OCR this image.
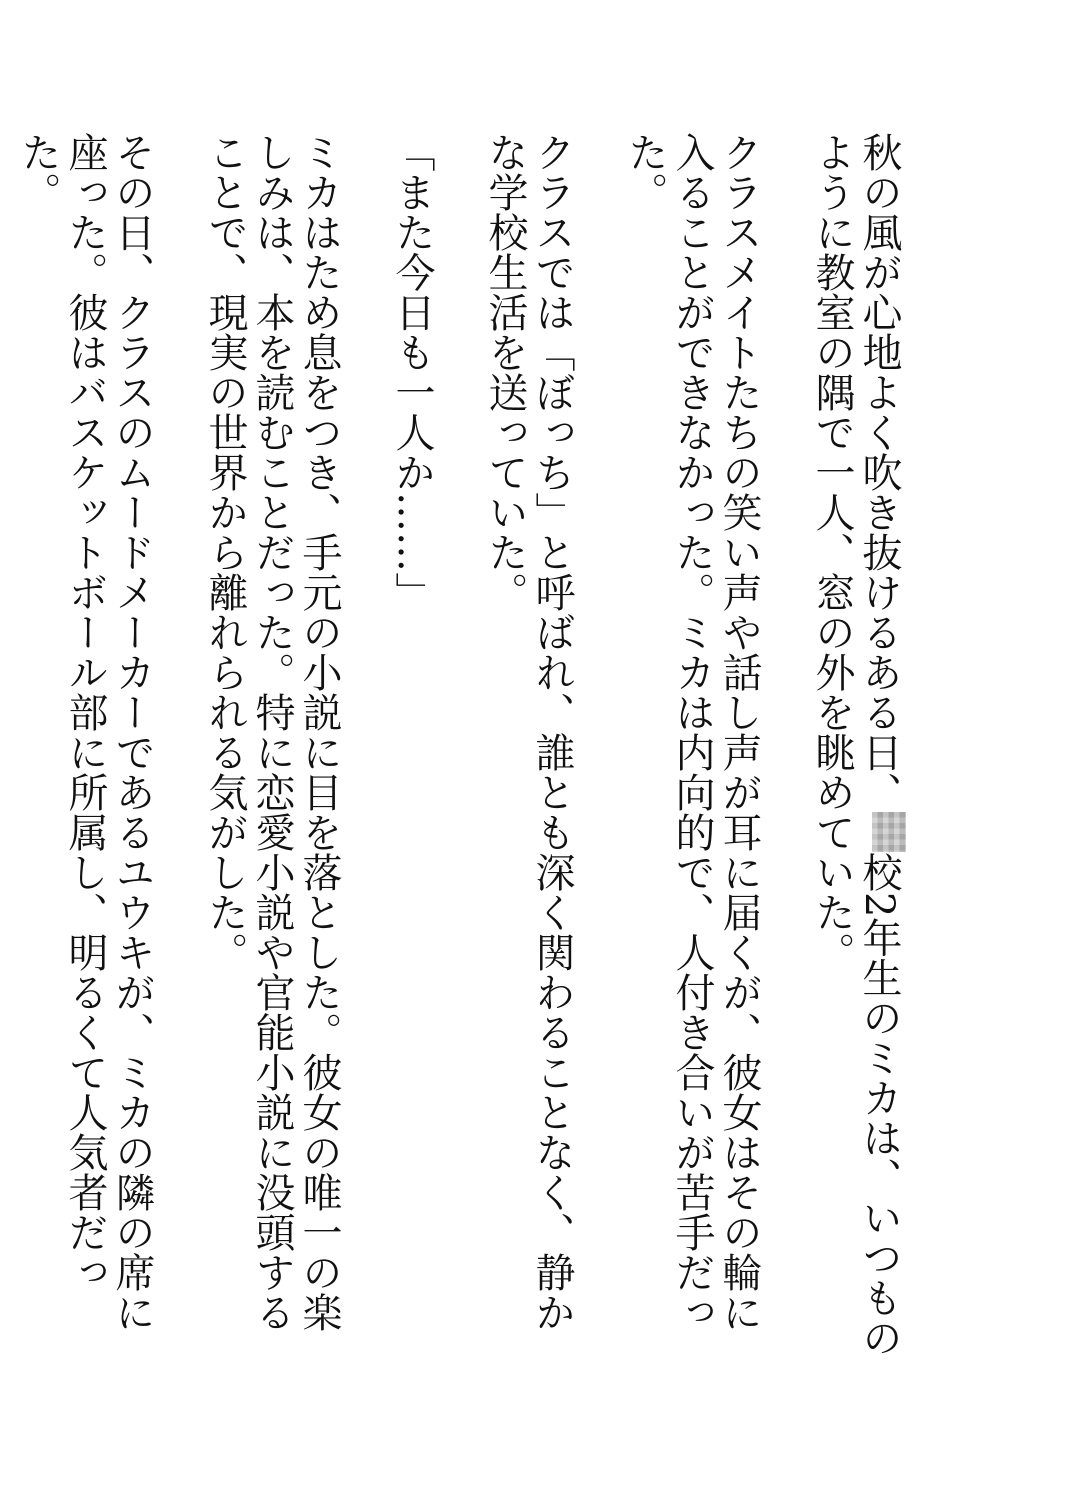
秋の風が心地よく吹き抜けるある日、校2年生のミカは、いつものように教室の隅で一人、窓の外を眺めていた。

クラスメイトたちの笑い声や話し声が耳に届くが、彼女はその輪に入ることができなかった。ミカは内向的で、人付き合いが苦手だった。

クラスでは「ぼっち」と呼ばれ、誰とも深く関わることなく、静かな学校生活を送っていた。

「また今日も一人か……」

ミカはため息をつき、手元の小説に目を落とした。彼女の唯一の楽しみは、本を読むことだった。特に恋愛小説や官能小説に没頭することで、現実の世界から離れられる気がした。

その日、クラスのムードメーカーであるユウキが、ミカの隣の席に座った。彼はバスケットボール部に所属し、明るくて人気者だった。
